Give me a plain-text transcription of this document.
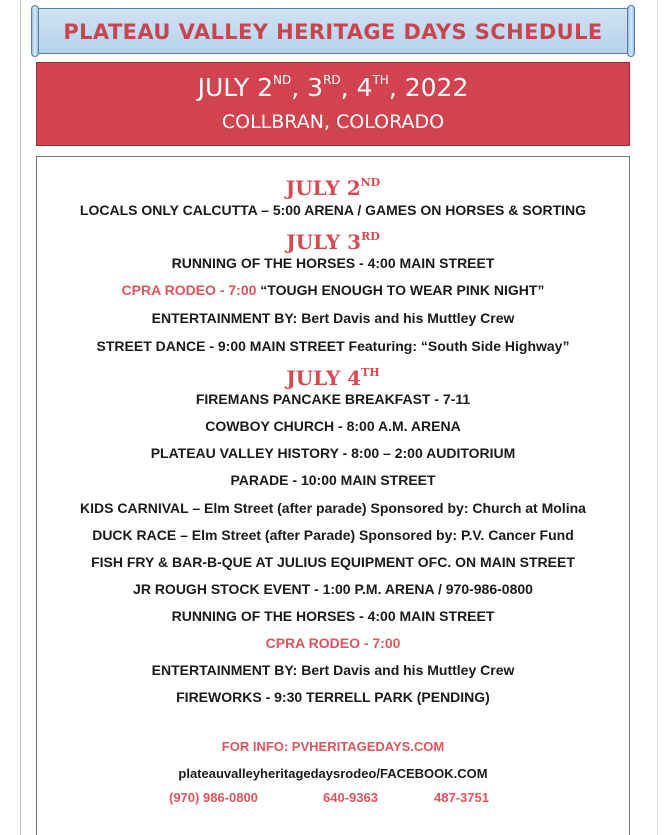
PLATEAU VALLEY HERITAGE DAYS SCHEDULE
JULY 2ND, 3RD, 4TH, 2022
COLLBRAN, COLORADO
JULY 2ND
LOCALS ONLY CALCUTTA – 5:00 ARENA / GAMES ON HORSES & SORTING
JULY 3RD
RUNNING OF THE HORSES - 4:00 MAIN STREET
CPRA RODEO - 7:00 “TOUGH ENOUGH TO WEAR PINK NIGHT”
ENTERTAINMENT BY: Bert Davis and his Muttley Crew
STREET DANCE - 9:00 MAIN STREET Featuring: “South Side Highway”
JULY 4TH
FIREMANS PANCAKE BREAKFAST - 7-11
COWBOY CHURCH - 8:00 A.M. ARENA
PLATEAU VALLEY HISTORY - 8:00 – 2:00 AUDITORIUM
PARADE - 10:00 MAIN STREET
KIDS CARNIVAL – Elm Street (after parade) Sponsored by: Church at Molina
DUCK RACE – Elm Street (after Parade) Sponsored by: P.V. Cancer Fund
FISH FRY & BAR-B-QUE AT JULIUS EQUIPMENT OFC. ON MAIN STREET
JR ROUGH STOCK EVENT - 1:00 P.M. ARENA / 970-986-0800
RUNNING OF THE HORSES - 4:00 MAIN STREET
CPRA RODEO - 7:00
ENTERTAINMENT BY: Bert Davis and his Muttley Crew
FIREWORKS - 9:30 TERRELL PARK (PENDING)
FOR INFO: PVHERITAGEDAYS.COM
plateauvalleyheritagedaysrodeo/FACEBOOK.COM
(970) 986-0800	640-9363	487-3751
